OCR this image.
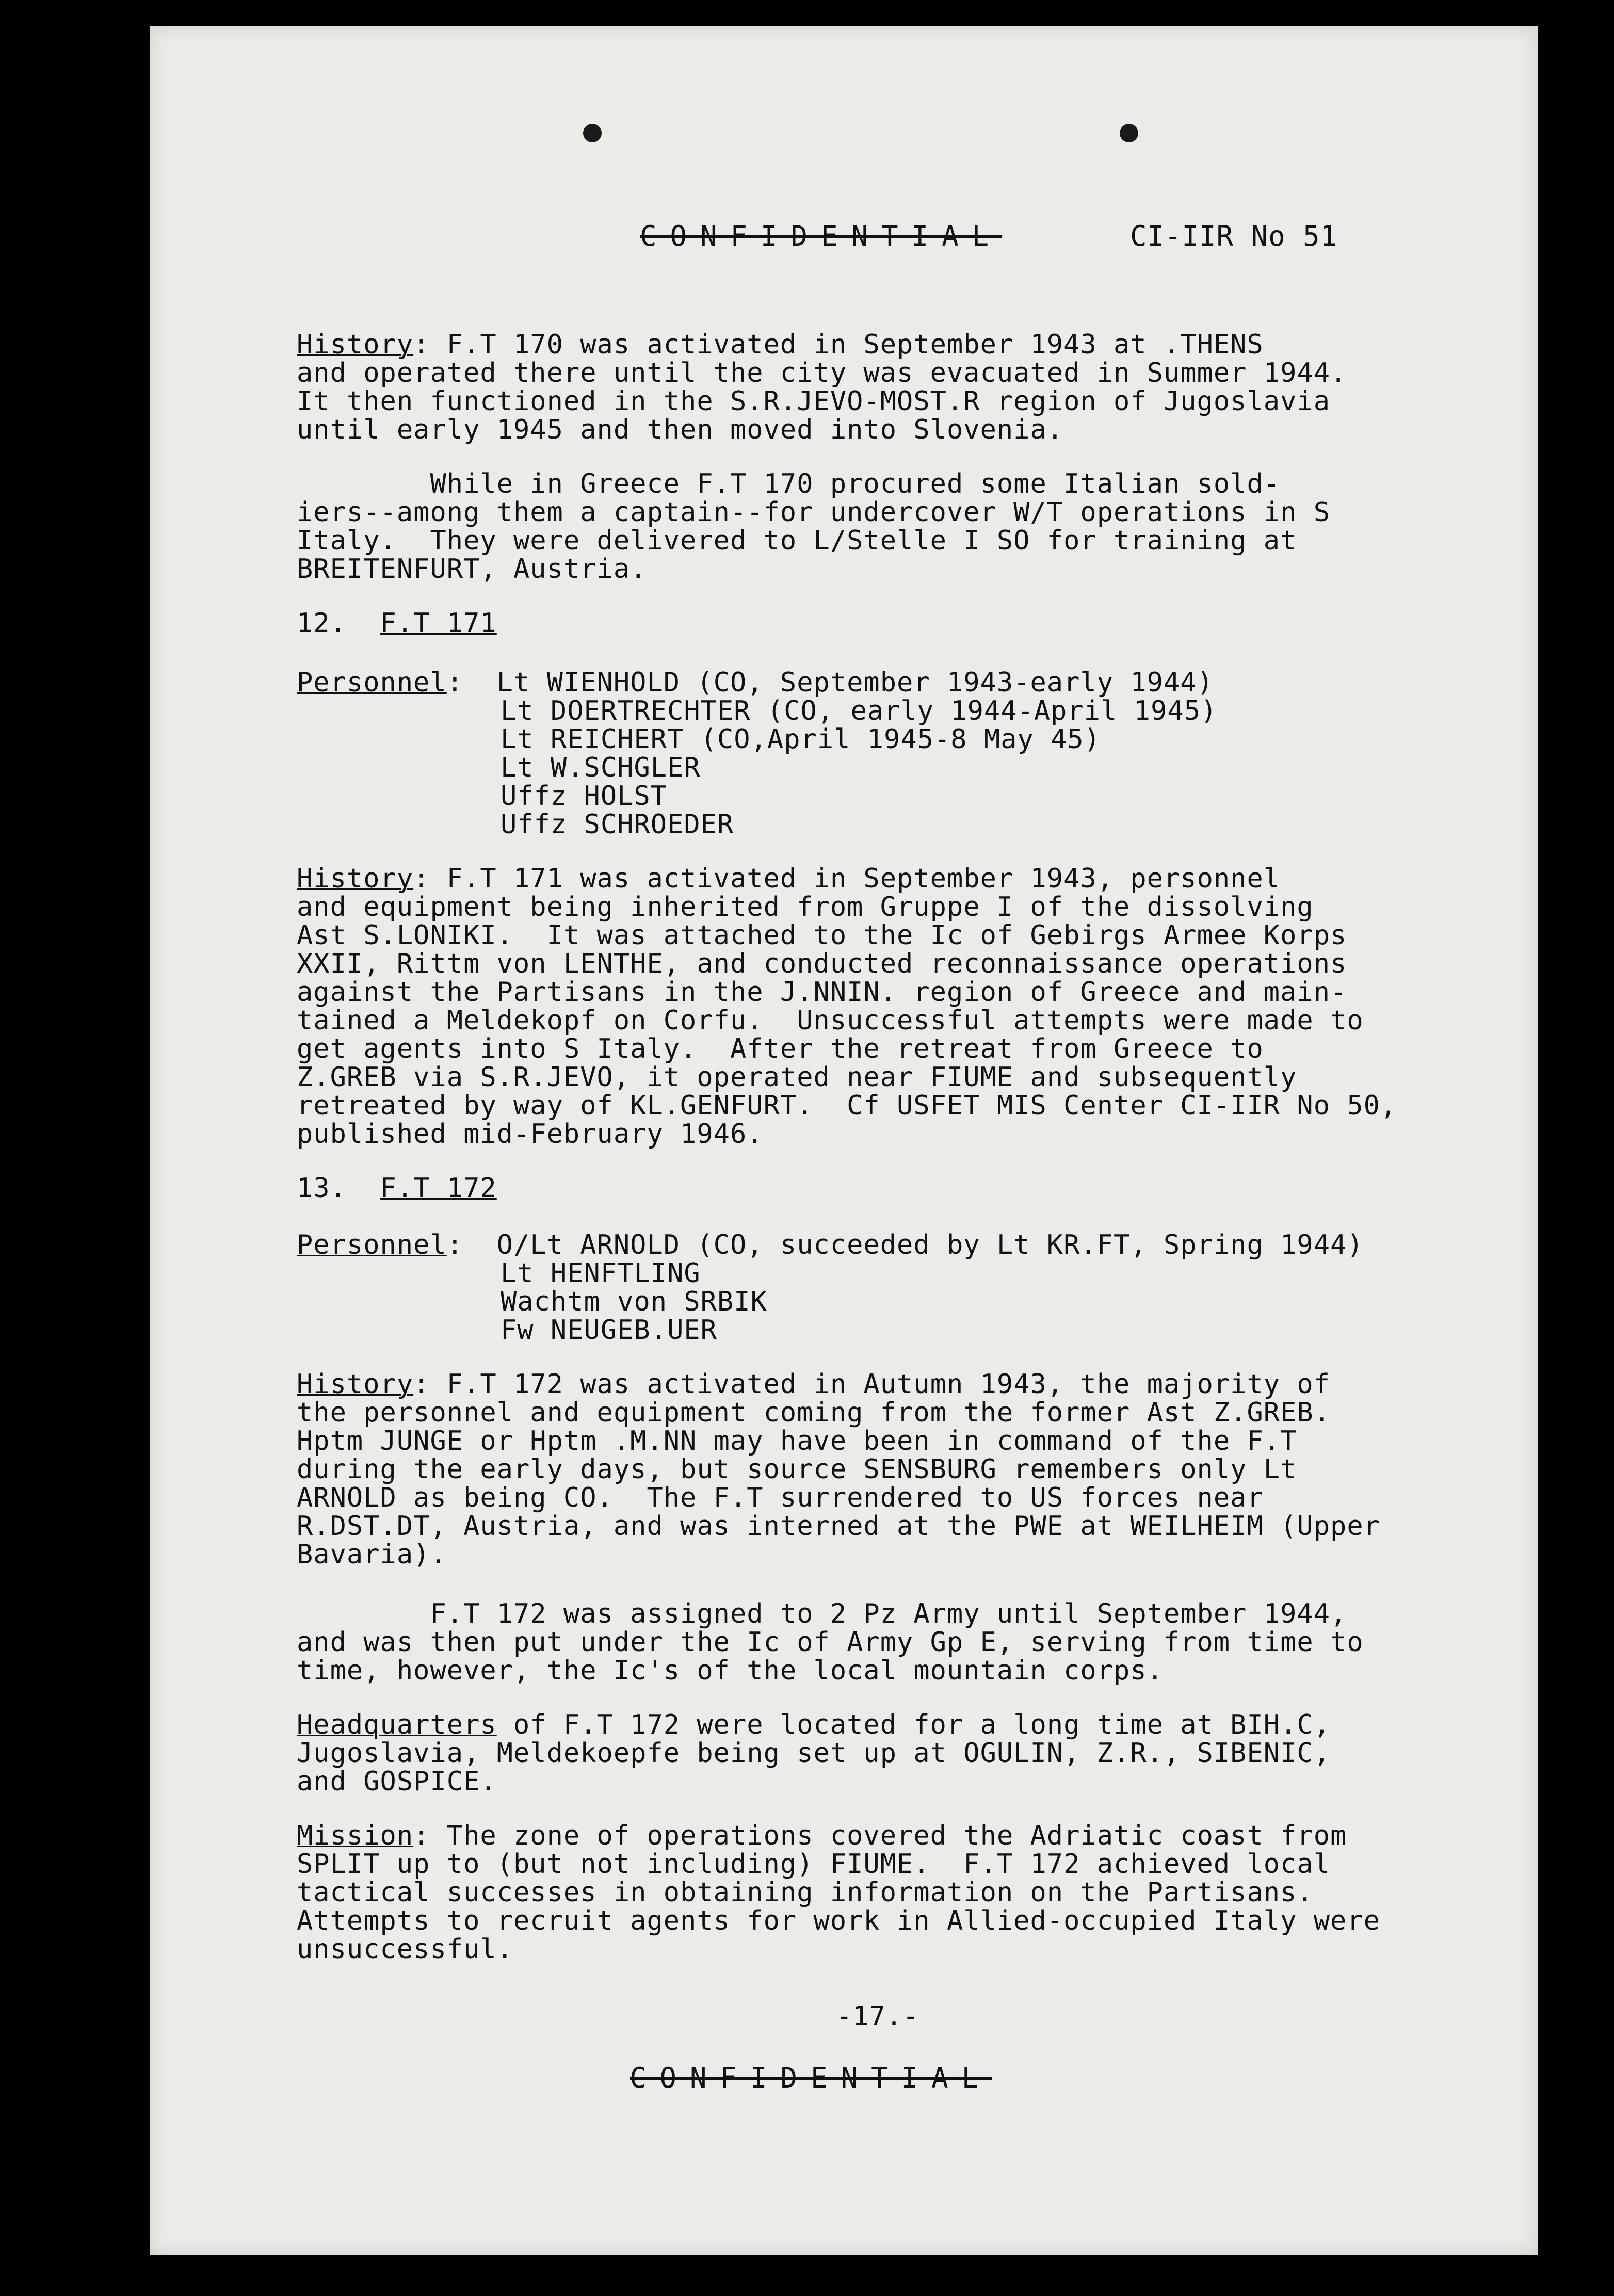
CONFIDENTIAL	CI-IIR No 51
History: F.T 170 was activated in September 1943 at .THENS
and operated there until the city was evacuated in Summer 1944.
It then functioned in the S.R.JEVO-MOST.R region of Jugoslavia
until early 1945 and then moved into Slovenia.
While in Greece F.T 170 procured some Italian sold-
iers--among them a captain--for undercover W/T operations in S
Italy.  They were delivered to L/Stelle I SO for training at
BREITENFURT, Austria.
12. F.T 171
Personnel:  Lt WIENHOLD (CO, September 1943-early 1944)
Lt DOERTRECHTER (CO, early 1944-April 1945)
Lt REICHERT (CO,April 1945-8 May 45)
Lt W.SCHGLER
Uffz HOLST
Uffz SCHROEDER
History: F.T 171 was activated in September 1943, personnel
and equipment being inherited from Gruppe I of the dissolving
Ast S.LONIKI.  It was attached to the Ic of Gebirgs Armee Korps
XXII, Rittm von LENTHE, and conducted reconnaissance operations
against the Partisans in the J.NNIN. region of Greece and main-
tained a Meldekopf on Corfu.  Unsuccessful attempts were made to
get agents into S Italy.  After the retreat from Greece to
Z.GREB via S.R.JEVO, it operated near FIUME and subsequently
retreated by way of KL.GENFURT.  Cf USFET MIS Center CI-IIR No 50,
published mid-February 1946.
13. F.T 172
Personnel:  O/Lt ARNOLD (CO, succeeded by Lt KR.FT, Spring 1944)
Lt HENFTLING
Wachtm von SRBIK
Fw NEUGEB.UER
History: F.T 172 was activated in Autumn 1943, the majority of
the personnel and equipment coming from the former Ast Z.GREB.
Hptm JUNGE or Hptm .M.NN may have been in command of the F.T
during the early days, but source SENSBURG remembers only Lt
ARNOLD as being CO.  The F.T surrendered to US forces near
R.DST.DT, Austria, and was interned at the PWE at WEILHEIM (Upper
Bavaria).
F.T 172 was assigned to 2 Pz Army until September 1944,
and was then put under the Ic of Army Gp E, serving from time to
time, however, the Ic's of the local mountain corps.
Headquarters of F.T 172 were located for a long time at BIH.C,
Jugoslavia, Meldekoepfe being set up at OGULIN, Z.R., SIBENIC,
and GOSPICE.
Mission: The zone of operations covered the Adriatic coast from
SPLIT up to (but not including) FIUME.  F.T 172 achieved local
tactical successes in obtaining information on the Partisans.
Attempts to recruit agents for work in Allied-occupied Italy were
unsuccessful.
-17.-
CONFIDENTIAL
